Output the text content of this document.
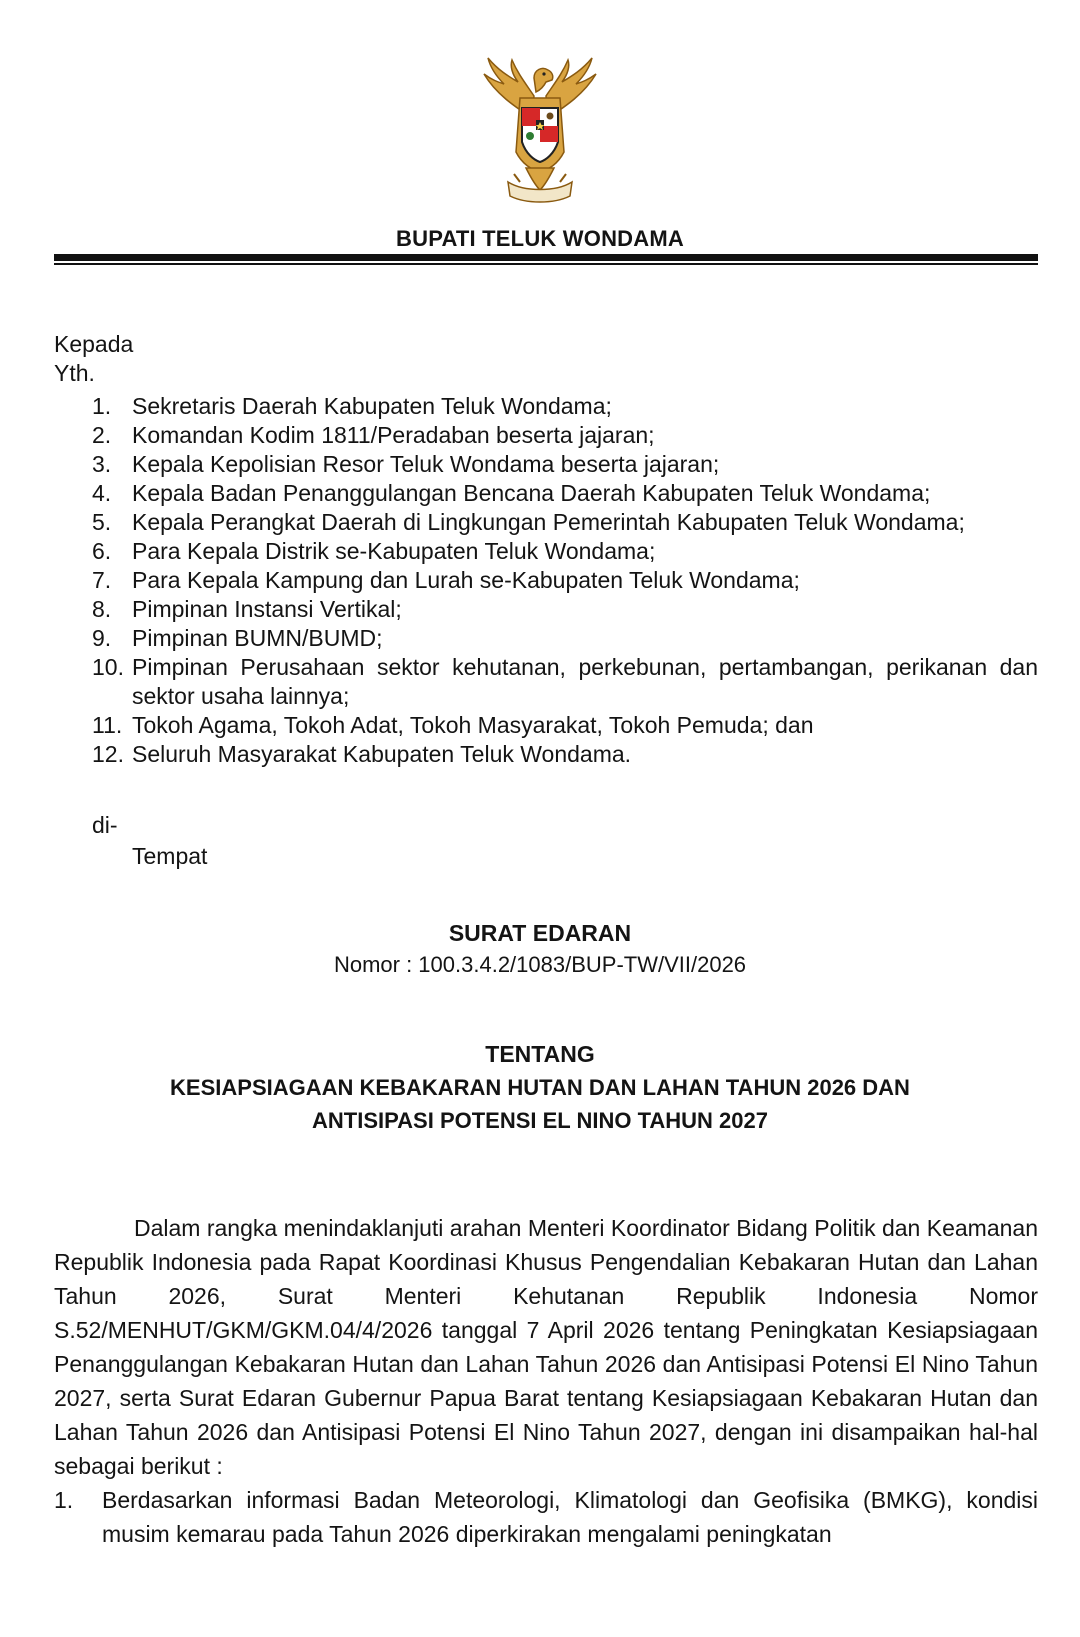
BUPATI TELUK WONDAMA
Kepada
Yth.
1. Sekretaris Daerah Kabupaten Teluk Wondama;
2. Komandan Kodim 1811/Peradaban beserta jajaran;
3. Kepala Kepolisian Resor Teluk Wondama beserta jajaran;
4. Kepala Badan Penanggulangan Bencana Daerah Kabupaten Teluk Wondama;
5. Kepala Perangkat Daerah di Lingkungan Pemerintah Kabupaten Teluk Wondama;
6. Para Kepala Distrik se-Kabupaten Teluk Wondama;
7. Para Kepala Kampung dan Lurah se-Kabupaten Teluk Wondama;
8. Pimpinan Instansi Vertikal;
9. Pimpinan BUMN/BUMD;
10. Pimpinan Perusahaan sektor kehutanan, perkebunan, pertambangan, perikanan dan sektor usaha lainnya;
11. Tokoh Agama, Tokoh Adat, Tokoh Masyarakat, Tokoh Pemuda; dan
12. Seluruh Masyarakat Kabupaten Teluk Wondama.
di-
Tempat
SURAT EDARAN
Nomor : 100.3.4.2/1083/BUP-TW/VII/2026
TENTANG
KESIAPSIAGAAN KEBAKARAN HUTAN DAN LAHAN TAHUN 2026 DAN
ANTISIPASI POTENSI EL NINO TAHUN 2027

Dalam rangka menindaklanjuti arahan Menteri Koordinator Bidang Politik dan Keamanan Republik Indonesia pada Rapat Koordinasi Khusus Pengendalian Kebakaran Hutan dan Lahan Tahun 2026, Surat Menteri Kehutanan Republik Indonesia Nomor S.52/MENHUT/GKM/GKM.04/4/2026 tanggal 7 April 2026 tentang Peningkatan Kesiapsiagaan Penanggulangan Kebakaran Hutan dan Lahan Tahun 2026 dan Antisipasi Potensi El Nino Tahun 2027, serta Surat Edaran Gubernur Papua Barat tentang Kesiapsiagaan Kebakaran Hutan dan Lahan Tahun 2026 dan Antisipasi Potensi El Nino Tahun 2027, dengan ini disampaikan hal-hal sebagai berikut :

1.	Berdasarkan informasi Badan Meteorologi, Klimatologi dan Geofisika (BMKG), kondisi musim kemarau pada Tahun 2026 diperkirakan mengalami peningkatan
